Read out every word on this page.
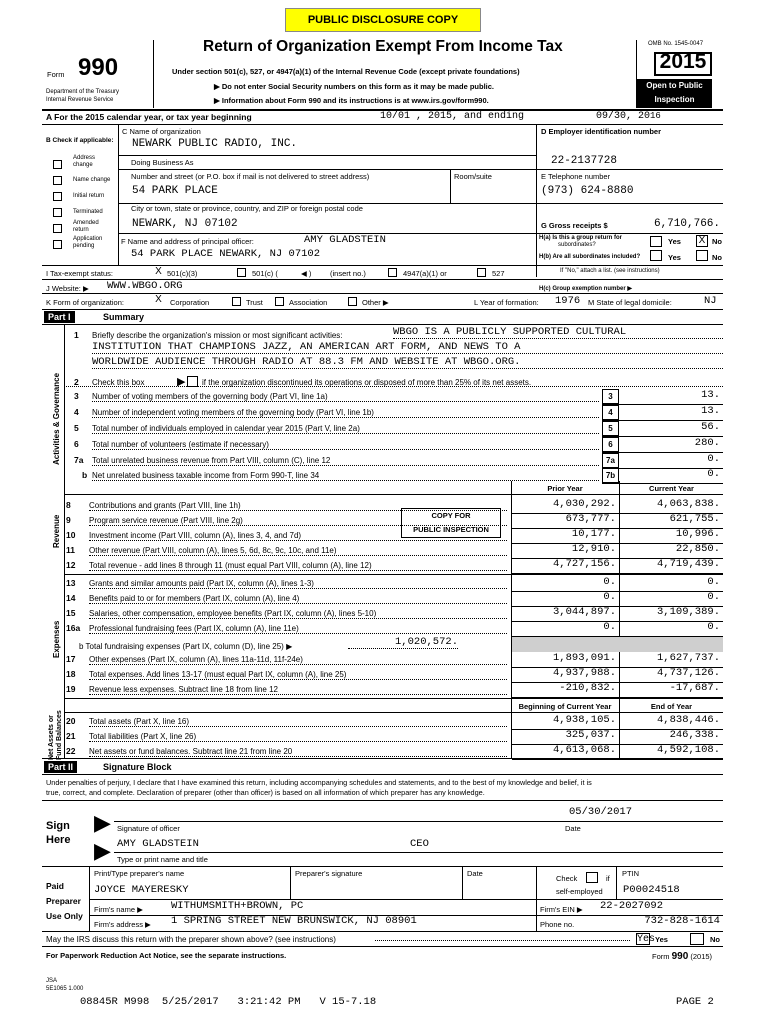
PUBLIC DISCLOSURE COPY
Form 990
Department of the Treasury
Internal Revenue Service
Return of Organization Exempt From Income Tax
Under section 501(c), 527, or 4947(a)(1) of the Internal Revenue Code (except private foundations)
▶ Do not enter Social Security numbers on this form as it may be made public.
▶ Information about Form 990 and its instructions is at www.irs.gov/form990.
OMB No. 1545-0047
2015
Open to Public
Inspection
A For the 2015 calendar year, or tax year beginning	10/01 , 2015, and ending	09/30, 2016
B Check if applicable:
Address change
Name change
Initial return
Terminated
Amended return
Application pending
C Name of organization
NEWARK PUBLIC RADIO, INC.
Doing Business As
Number and street (or P.O. box if mail is not delivered to street address)	Room/suite
54 PARK PLACE
City or town, state or province, country, and ZIP or foreign postal code
NEWARK, NJ 07102
F Name and address of principal officer:	AMY GLADSTEIN
54 PARK PLACE NEWARK, NJ 07102
D Employer identification number
22-2137728
E Telephone number
(973) 624-8880
G Gross receipts $	6,710,766.
H(a) Is this a group return for
subordinates?	Yes X No
H(b) Are all subordinates included?	Yes	No
If "No," attach a list. (see instructions)
I Tax-exempt status:	X 501(c)(3)	501(c) (	◀ ) (insert no.)	4947(a)(1) or	527
J Website: ▶ WWW.WBGO.ORG	H(c) Group exemption number ▶
K Form of organization:	X Corporation	Trust	Association	Other ▶	L Year of formation: 1976 M State of legal domicile:	NJ
Part I	Summary
Activities & Governance
Revenue
Expenses
Net Assets or Fund Balances
1 Briefly describe the organization's mission or most significant activities:	WBGO IS A PUBLICLY SUPPORTED CULTURAL
INSTITUTION THAT CHAMPIONS JAZZ, AN AMERICAN ART FORM, AND NEWS TO A
WORLDWIDE AUDIENCE THROUGH RADIO AT 88.3 FM AND WEBSITE AT WBGO.ORG.
2 Check this box	▶ if the organization discontinued its operations or disposed of more than 25% of its net assets.
3 Number of voting members of the governing body (Part VI, line 1a)	3	13.
4 Number of independent voting members of the governing body (Part VI, line 1b)	4	13.
5 Total number of individuals employed in calendar year 2015 (Part V, line 2a)	5	56.
6 Total number of volunteers (estimate if necessary)	6	280.
7a Total unrelated business revenue from Part VIII, column (C), line 12	7a	0.
b Net unrelated business taxable income from Form 990-T, line 34	7b	0.
Prior Year	Current Year
COPY FOR
PUBLIC INSPECTION
8 Contributions and grants (Part VIII, line 1h)	4,030,292.	4,063,838.
9 Program service revenue (Part VIII, line 2g)	673,777.	621,755.
10 Investment income (Part VIII, column (A), lines 3, 4, and 7d)	10,177.	10,996.
11 Other revenue (Part VIII, column (A), lines 5, 6d, 8c, 9c, 10c, and 11e)	12,910.	22,850.
12 Total revenue - add lines 8 through 11 (must equal Part VIII, column (A), line 12)	4,727,156.	4,719,439.
13 Grants and similar amounts paid (Part IX, column (A), lines 1-3)	0.	0.
14 Benefits paid to or for members (Part IX, column (A), line 4)	0.	0.
15 Salaries, other compensation, employee benefits (Part IX, column (A), lines 5-10)	3,044,897.	3,109,389.
16a Professional fundraising fees (Part IX, column (A), line 11e)	0.	0.
b Total fundraising expenses (Part IX, column (D), line 25) ▶	1,020,572.
17 Other expenses (Part IX, column (A), lines 11a-11d, 11f-24e)	1,893,091.	1,627,737.
18 Total expenses. Add lines 13-17 (must equal Part IX, column (A), line 25)	4,937,988.	4,737,126.
19 Revenue less expenses. Subtract line 18 from line 12	-210,832.	-17,687.
Beginning of Current Year	End of Year
20 Total assets (Part X, line 16)	4,938,105.	4,838,446.
21 Total liabilities (Part X, line 26)	325,037.	246,338.
22 Net assets or fund balances. Subtract line 21 from line 20	4,613,068.	4,592,108.
Part II	Signature Block
Under penalties of perjury, I declare that I have examined this return, including accompanying schedules and statements, and to the best of my knowledge and belief, it is
true, correct, and complete. Declaration of preparer (other than officer) is based on all information of which preparer has any knowledge.
Sign
Here
▶
▶
05/30/2017
Signature of officer	Date
AMY GLADSTEIN	CEO
Type or print name and title
Paid
Preparer
Use Only
Print/Type preparer's name	Preparer's signature	Date
Check	if
self-employed
PTIN
JOYCE MAYERESKY	P00024518
Firm's name ▶	WITHUMSMITH+BROWN, PC	Firm's EIN ▶ 22-2027092
Firm's address ▶ 1 SPRING STREET NEW BRUNSWICK, NJ 08901	Phone no.	732-828-1614
May the IRS discuss this return with the preparer shown above? (see instructions)	Yes Yes	No
For Paperwork Reduction Act Notice, see the separate instructions.	Form 990 (2015)
JSA
5E1065 1.000
08845R M998  5/25/2017   3:21:42 PM   V 15-7.18	PAGE 2
